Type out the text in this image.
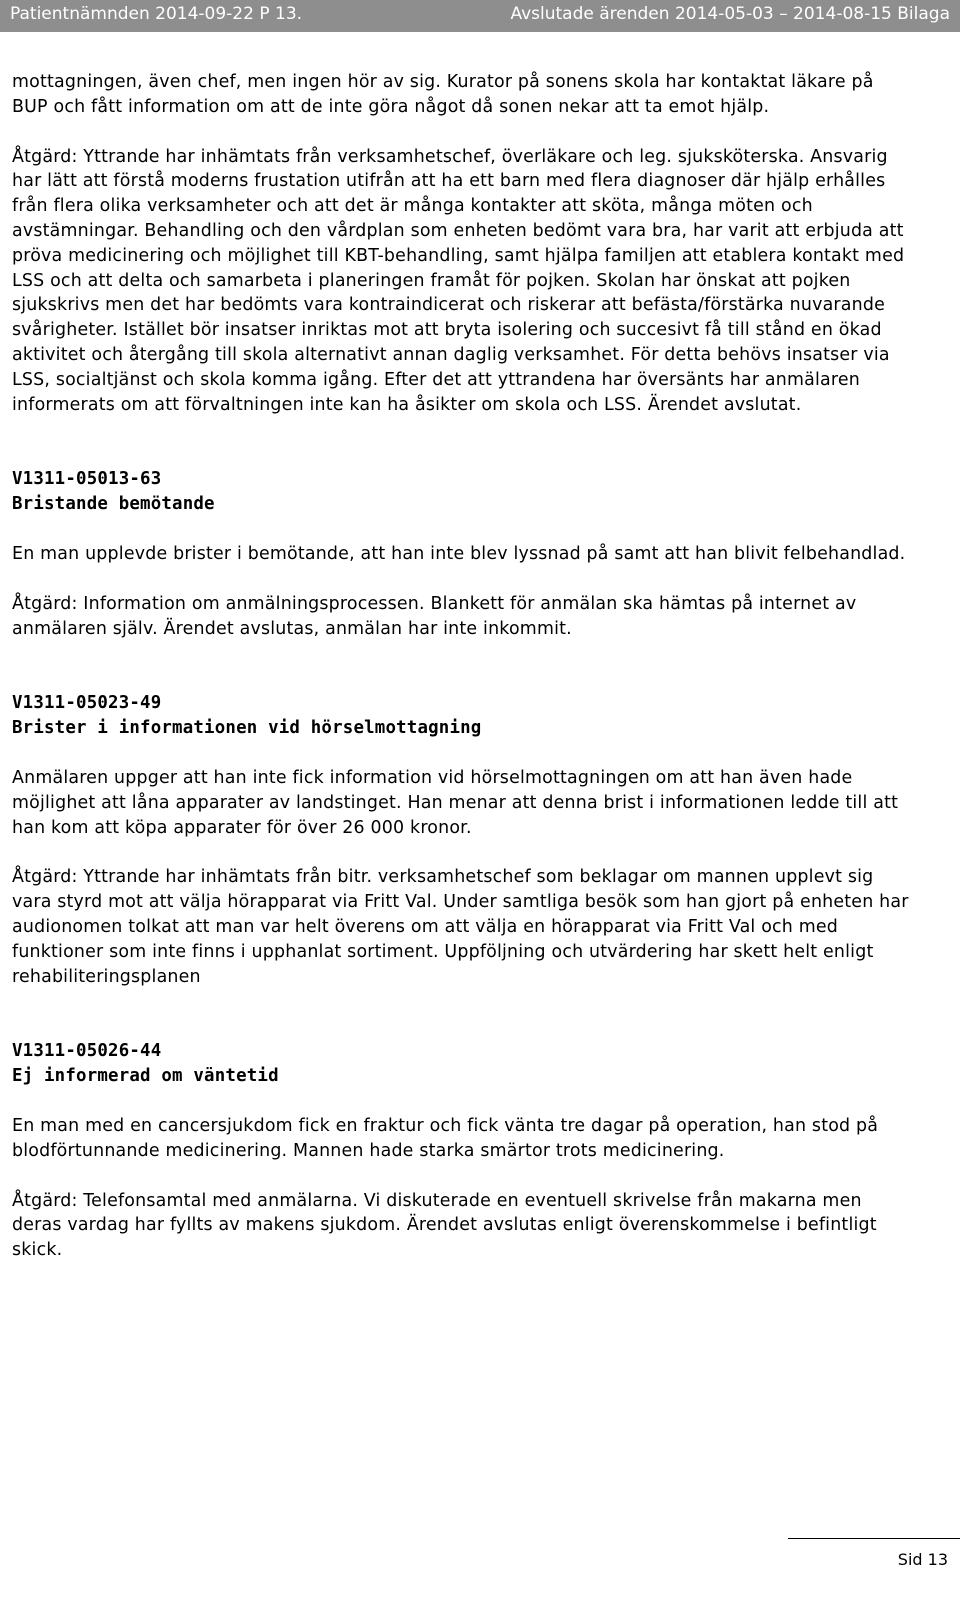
Patientnämnden 2014-09-22 P 13.	Avslutade ärenden 2014-05-03 – 2014-08-15 Bilaga

mottagningen, även chef, men ingen hör av sig. Kurator på sonens skola har kontaktat läkare på BUP och fått information om att de inte göra något då sonen nekar att ta emot hjälp.

Åtgärd: Yttrande har inhämtats från verksamhetschef, överläkare och leg. sjuksköterska. Ansvarig har lätt att förstå moderns frustation utifrån att ha ett barn med flera diagnoser där hjälp erhålles från flera olika verksamheter och att det är många kontakter att sköta, många möten och avstämningar. Behandling och den vårdplan som enheten bedömt vara bra, har varit att erbjuda att pröva medicinering och möjlighet till KBT-behandling, samt hjälpa familjen att etablera kontakt med LSS och att delta och samarbeta i planeringen framåt för pojken. Skolan har önskat att pojken sjukskrivs men det har bedömts vara kontraindicerat och riskerar att befästa/förstärka nuvarande svårigheter. Istället bör insatser inriktas mot att bryta isolering och succesivt få till stånd en ökad aktivitet och återgång till skola alternativt annan daglig verksamhet. För detta behövs insatser via LSS, socialtjänst och skola komma igång. Efter det att yttrandena har översänts har anmälaren informerats om att förvaltningen inte kan ha åsikter om skola och LSS. Ärendet avslutat.

V1311-05013-63

Bristande bemötande

En man upplevde brister i bemötande, att han inte blev lyssnad på samt att han blivit felbehandlad.

Åtgärd: Information om anmälningsprocessen. Blankett för anmälan ska hämtas på internet av anmälaren själv. Ärendet avslutas, anmälan har inte inkommit.

V1311-05023-49

Brister i informationen vid hörselmottagning

Anmälaren uppger att han inte fick information vid hörselmottagningen om att han även hade möjlighet att låna apparater av landstinget. Han menar att denna brist i informationen ledde till att han kom att köpa apparater för över 26 000 kronor.

Åtgärd: Yttrande har inhämtats från bitr. verksamhetschef som beklagar om mannen upplevt sig vara styrd mot att välja hörapparat via Fritt Val. Under samtliga besök som han gjort på enheten har audionomen tolkat att man var helt överens om att välja en hörapparat via Fritt Val och med funktioner som inte finns i upphanlat sortiment. Uppföljning och utvärdering har skett helt enligt rehabiliteringsplanen

V1311-05026-44

Ej informerad om väntetid

En man med en cancersjukdom fick en fraktur och fick vänta tre dagar på operation, han stod på blodförtunnande medicinering. Mannen hade starka smärtor trots medicinering.

Åtgärd: Telefonsamtal med anmälarna. Vi diskuterade en eventuell skrivelse från makarna men deras vardag har fyllts av makens sjukdom. Ärendet avslutas enligt överenskommelse i befintligt skick.

Sid 13
